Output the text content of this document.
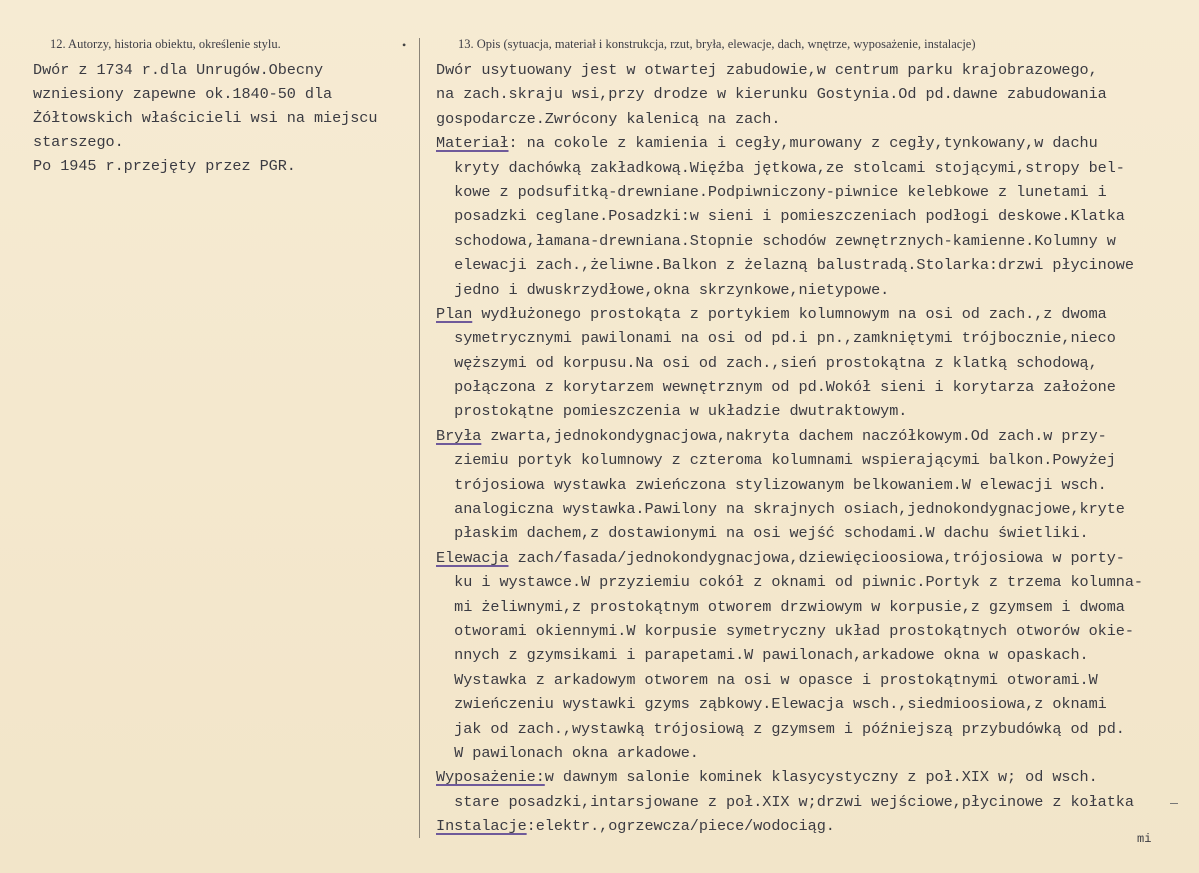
12. Autorzy, historia obiektu, określenie stylu.	•	13. Opis (sytuacja, materiał i konstrukcja, rzut, bryła, elewacje, dach, wnętrze, wyposażenie, instalacje)
Dwór z 1734 r.dla Unrugów.Obecny
wzniesiony zapewne ok.1840-50 dla
Żółtowskich właścicieli wsi na miejscu
starszego.
Po 1945 r.przejęty przez PGR.
Dwór usytuowany jest w otwartej zabudowie,w centrum parku krajobrazowego,
na zach.skraju wsi,przy drodze w kierunku Gostynia.Od pd.dawne zabudowania
gospodarcze.Zwrócony kalenicą na zach.
Materiał: na cokole z kamienia i cegły,murowany z cegły,tynkowany,w dachu
kryty dachówką zakładkową.Więźba jętkowa,ze stolcami stojącymi,stropy bel-
kowe z podsufitką-drewniane.Podpiwniczony-piwnice kelebkowe z lunetami i
posadzki ceglane.Posadzki:w sieni i pomieszczeniach podłogi deskowe.Klatka
schodowa,łamana-drewniana.Stopnie schodów zewnętrznych-kamienne.Kolumny w
elewacji zach.,żeliwne.Balkon z żelazną balustradą.Stolarka:drzwi płycinowe
jedno i dwuskrzydłowe,okna skrzynkowe,nietypowe.
Plan wydłużonego prostokąta z portykiem kolumnowym na osi od zach.,z dwoma
symetrycznymi pawilonami na osi od pd.i pn.,zamkniętymi trójbocznie,nieco
węższymi od korpusu.Na osi od zach.,sień prostokątna z klatką schodową,
połączona z korytarzem wewnętrznym od pd.Wokół sieni i korytarza założone
prostokątne pomieszczenia w układzie dwutraktowym.
Bryła zwarta,jednokondygnacjowa,nakryta dachem naczółkowym.Od zach.w przy-
ziemiu portyk kolumnowy z czteroma kolumnami wspierającymi balkon.Powyżej
trójosiowa wystawka zwieńczona stylizowanym belkowaniem.W elewacji wsch.
analogiczna wystawka.Pawilony na skrajnych osiach,jednokondygnacjowe,kryte
płaskim dachem,z dostawionymi na osi wejść schodami.W dachu świetliki.
Elewacja zach/fasada/jednokondygnacjowa,dziewięcioosiowa,trójosiowa w porty-
ku i wystawce.W przyziemiu cokół z oknami od piwnic.Portyk z trzema kolumna-
mi żeliwnymi,z prostokątnym otworem drzwiowym w korpusie,z gzymsem i dwoma
otworami okiennymi.W korpusie symetryczny układ prostokątnych otworów okie-
nnych z gzymsikami i parapetami.W pawilonach,arkadowe okna w opaskach.
Wystawka z arkadowym otworem na osi w opasce i prostokątnymi otworami.W
zwieńczeniu wystawki gzyms ząbkowy.Elewacja wsch.,siedmioosiowa,z oknami
jak od zach.,wystawką trójosiową z gzymsem i późniejszą przybudówką od pd.
W pawilonach okna arkadowe.
Wyposażenie:w dawnym salonie kominek klasycystyczny z poł.XIX w; od wsch.
stare posadzki,intarsjowane z poł.XIX w;drzwi wejściowe,płycinowe z kołatka
Instalacje:elektr.,ogrzewcza/piece/wodociąg.
mi
